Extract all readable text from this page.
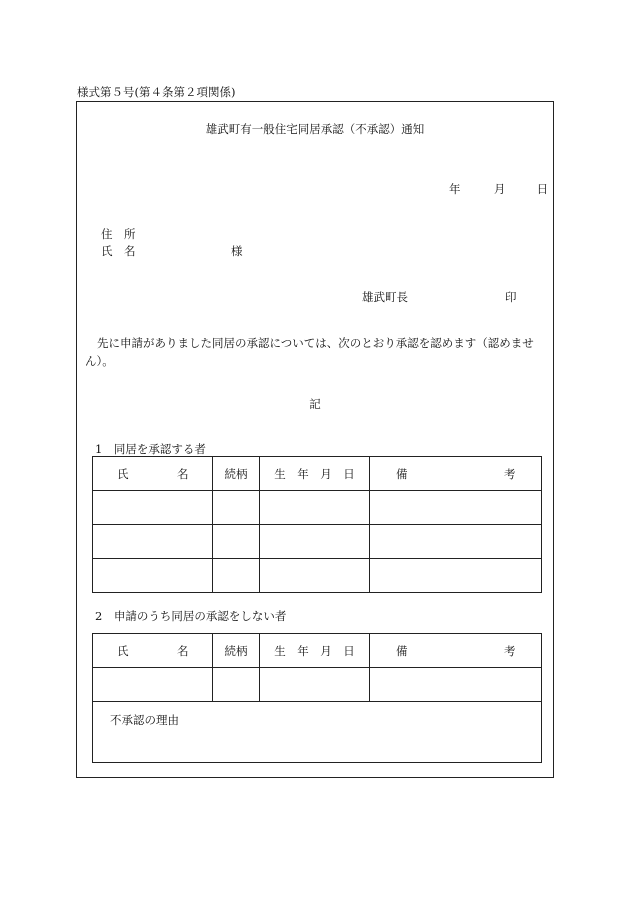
様式第５号(第４条第２項関係)
雄武町有一般住宅同居承認（不承認）通知
年	月	日
住　所
氏　名	様
雄武町長	印
先に申請がありました同居の承認については、次のとおり承認を認めます（認めません）。
記
1　同居を承認する者
氏 名	続柄	生　年　月　日	備 考

2　申請のうち同居の承認をしない者
氏 名	続柄	生　年　月　日	備 考

不承認の理由			
